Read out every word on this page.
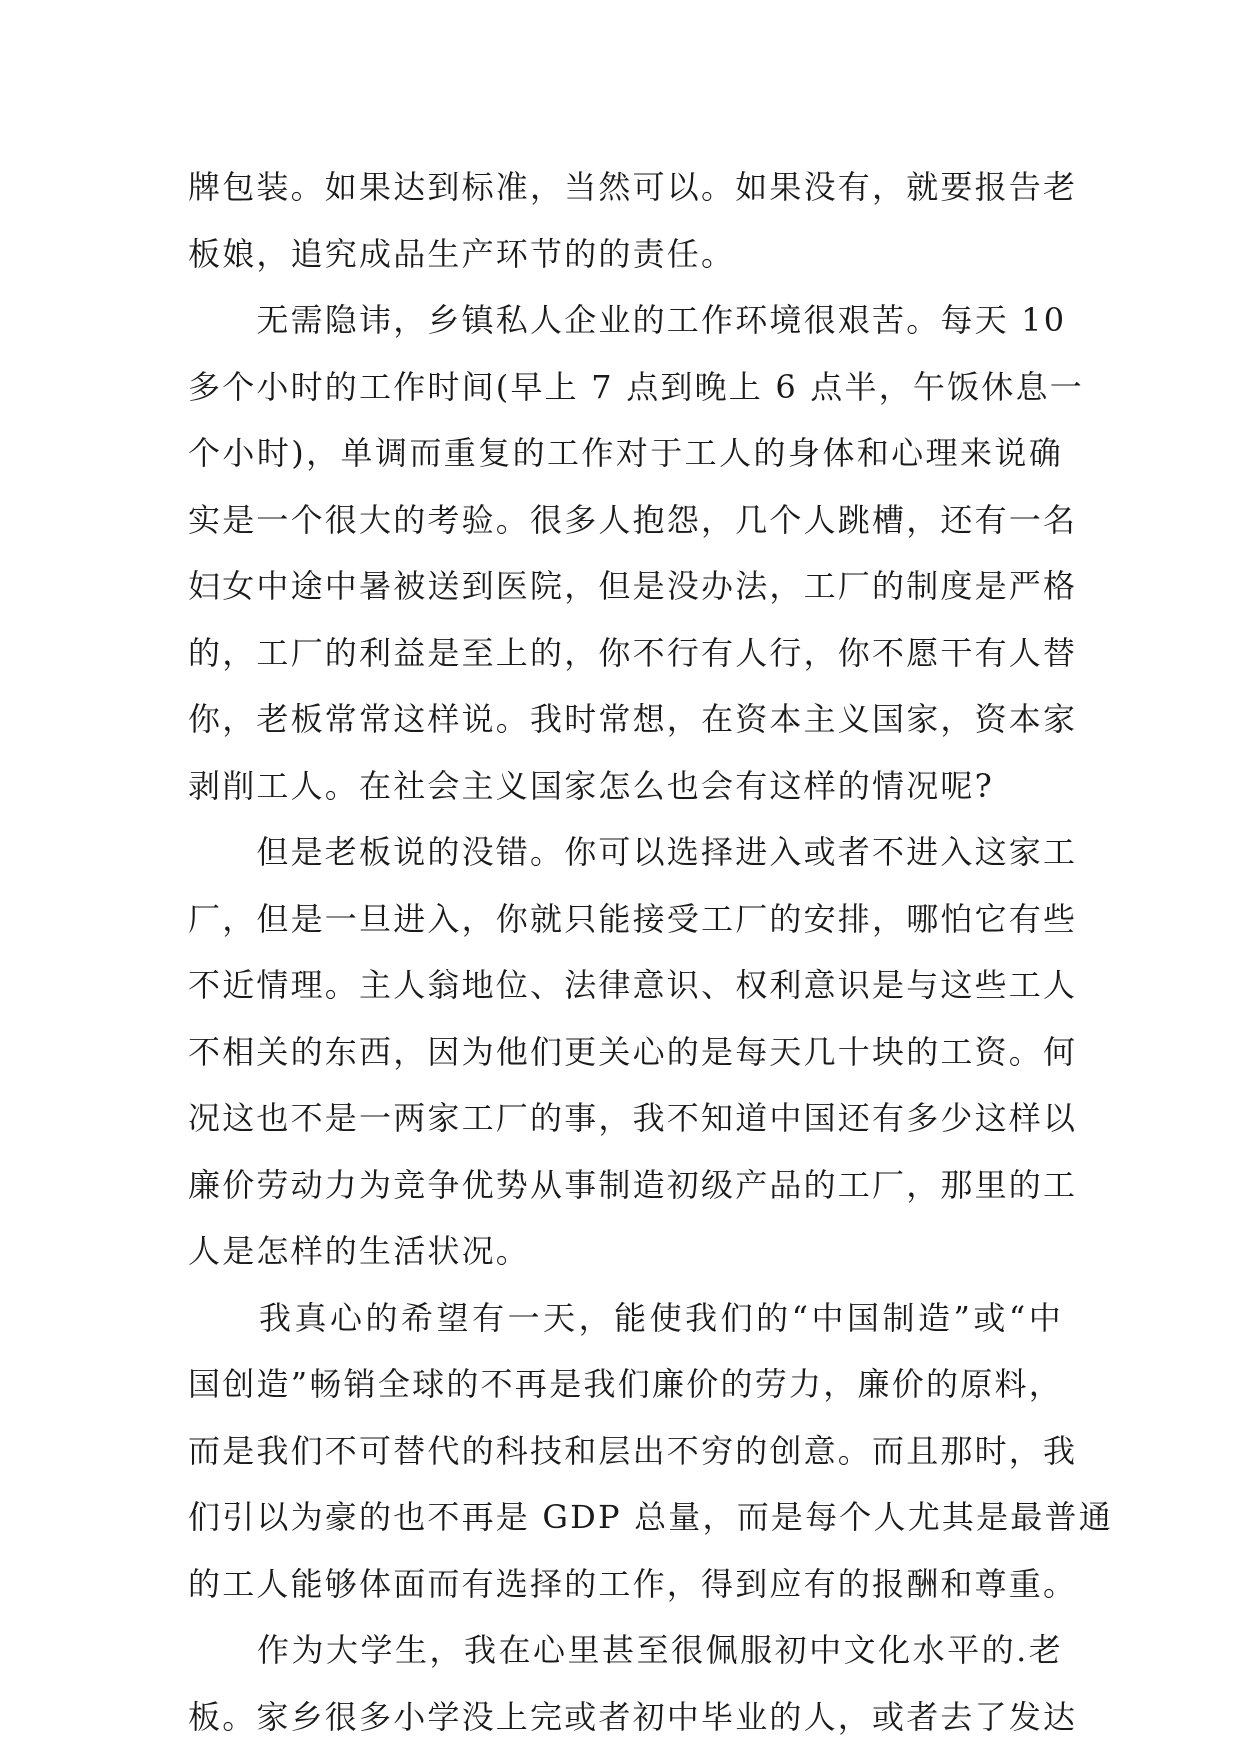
牌包装。如果达到标准，当然可以。如果没有，就要报告老
板娘，追究成品生产环节的的责任。
　　无需隐讳，乡镇私人企业的工作环境很艰苦。每天 10
多个小时的工作时间(早上 7 点到晚上 6 点半，午饭休息一
个小时)，单调而重复的工作对于工人的身体和心理来说确
实是一个很大的考验。很多人抱怨，几个人跳槽，还有一名
妇女中途中暑被送到医院，但是没办法，工厂的制度是严格
的，工厂的利益是至上的，你不行有人行，你不愿干有人替
你，老板常常这样说。我时常想，在资本主义国家，资本家
剥削工人。在社会主义国家怎么也会有这样的情况呢?
　　但是老板说的没错。你可以选择进入或者不进入这家工
厂，但是一旦进入，你就只能接受工厂的安排，哪怕它有些
不近情理。主人翁地位、法律意识、权利意识是与这些工人
不相关的东西，因为他们更关心的是每天几十块的工资。何
况这也不是一两家工厂的事，我不知道中国还有多少这样以
廉价劳动力为竞争优势从事制造初级产品的工厂，那里的工
人是怎样的生活状况。
　　我真心的希望有一天，能使我们的“中国制造”或“中
国创造”畅销全球的不再是我们廉价的劳力，廉价的原料，
而是我们不可替代的科技和层出不穷的创意。而且那时，我
们引以为豪的也不再是 GDP 总量，而是每个人尤其是最普通
的工人能够体面而有选择的工作，得到应有的报酬和尊重。
　　作为大学生，我在心里甚至很佩服初中文化水平的.老
板。家乡很多小学没上完或者初中毕业的人，或者去了发达
